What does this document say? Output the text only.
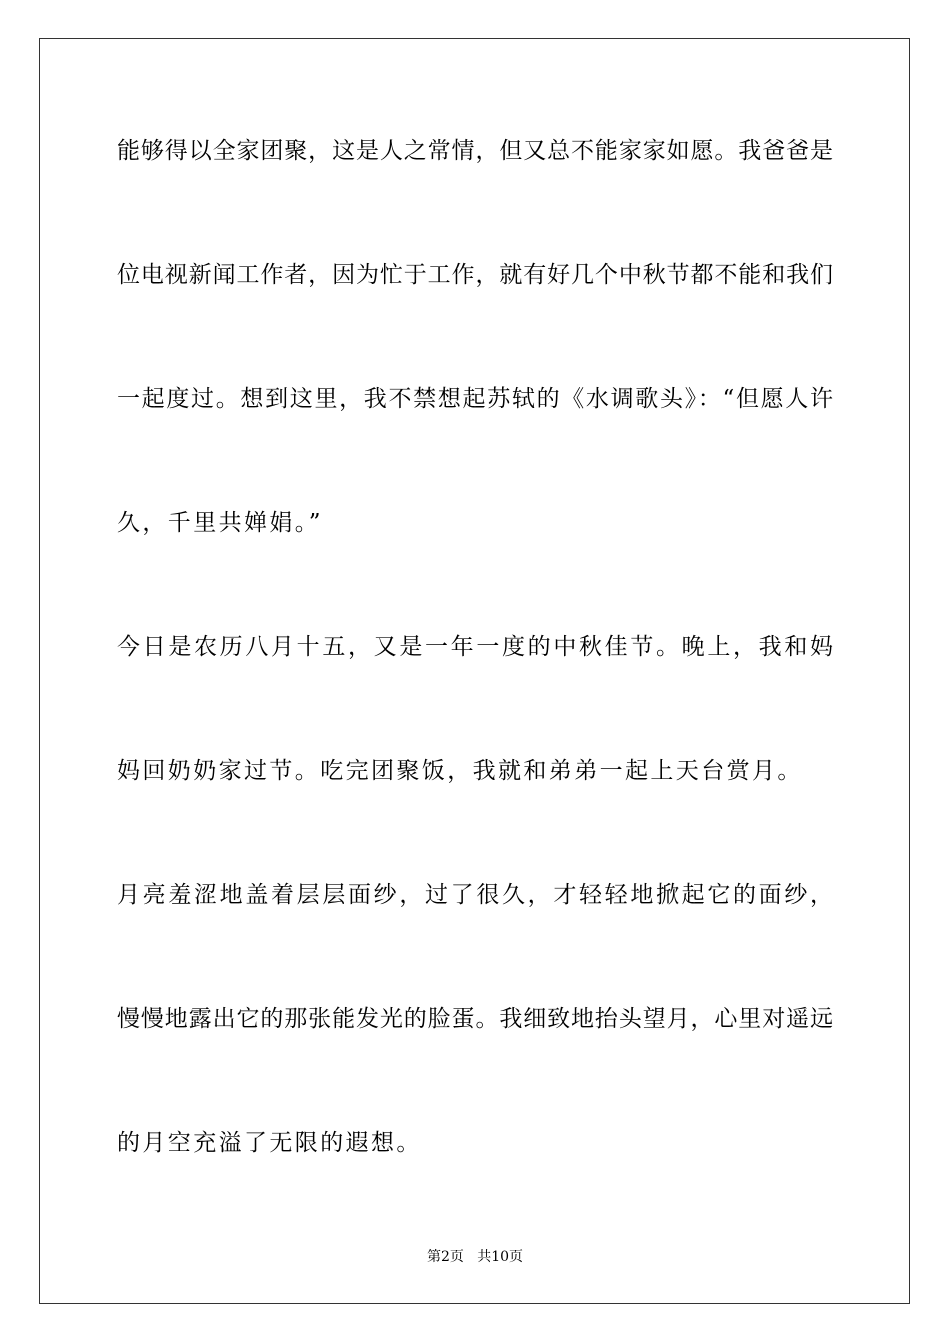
能够得以全家团聚，这是人之常情，但又总不能家家如愿。我爸爸是
位电视新闻工作者，因为忙于工作，就有好几个中秋节都不能和我们
一起度过。想到这里，我不禁想起苏轼的《水调歌头》：“但愿人许
久，千里共婵娟。”
今日是农历八月十五，又是一年一度的中秋佳节。晚上，我和妈
妈回奶奶家过节。吃完团聚饭，我就和弟弟一起上天台赏月。
月亮羞涩地盖着层层面纱，过了很久，才轻轻地掀起它的面纱，
慢慢地露出它的那张能发光的脸蛋。我细致地抬头望月，心里对遥远
的月空充溢了无限的遐想。
第2页   共10页
